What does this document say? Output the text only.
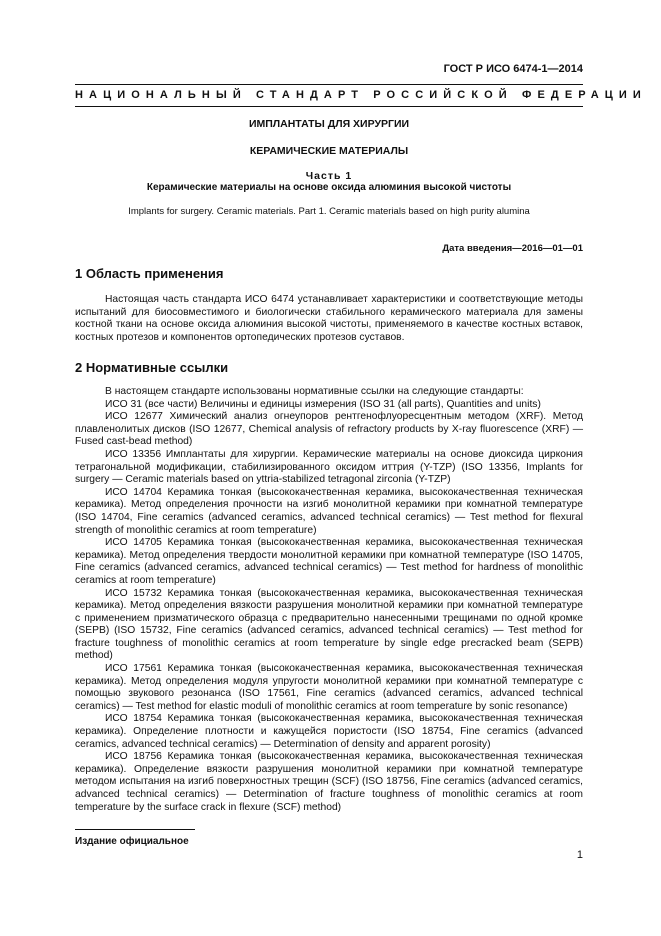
ГОСТ Р ИСО 6474-1—2014
НАЦИОНАЛЬНЫЙ СТАНДАРТ РОССИЙСКОЙ ФЕДЕРАЦИИ
ИМПЛАНТАТЫ ДЛЯ ХИРУРГИИ
КЕРАМИЧЕСКИЕ МАТЕРИАЛЫ
Часть 1
Керамические материалы на основе оксида алюминия высокой чистоты
Implants for surgery. Ceramic materials. Part 1. Ceramic materials based on high purity alumina
Дата введения—2016—01—01
1 Область применения

Настоящая часть стандарта ИСО 6474 устанавливает характеристики и соответствующие методы испытаний для биосовместимого и биологически стабильного керамического материала для замены костной ткани на основе оксида алюминия высокой чистоты, применяемого в качестве костных вставок, костных протезов и компонентов ортопедических протезов суставов.

2 Нормативные ссылки

В настоящем стандарте использованы нормативные ссылки на следующие стандарты:

ИСО 31 (все части) Величины и единицы измерения (ISO 31 (all parts), Quantities and units)

ИСО 12677 Химический анализ огнеупоров рентгенофлуоресцентным методом (XRF). Метод плавленолитых дисков (ISO 12677, Chemical analysis of refractory products by X-ray fluorescence (XRF) — Fused cast-bead method)

ИСО 13356 Имплантаты для хирургии. Керамические материалы на основе диоксида циркония тетрагональной модификации, стабилизированного оксидом иттрия (Y-TZP) (ISO 13356, Implants for surgery — Ceramic materials based on yttria-stabilized tetragonal zirconia (Y-TZP)

ИСО 14704 Керамика тонкая (высококачественная керамика, высококачественная техническая керамика). Метод определения прочности на изгиб монолитной керамики при комнатной температуре (ISO 14704, Fine ceramics (advanced ceramics, advanced technical ceramics) — Test method for flexural strength of monolithic ceramics at room temperature)

ИСО 14705 Керамика тонкая (высококачественная керамика, высококачественная техническая керамика). Метод определения твердости монолитной керамики при комнатной температуре (ISO 14705, Fine ceramics (advanced ceramics, advanced technical ceramics) — Test method for hardness of monolithic ceramics at room temperature)

ИСО 15732 Керамика тонкая (высококачественная керамика, высококачественная техническая керамика). Метод определения вязкости разрушения монолитной керамики при комнатной температуре с применением призматического образца с предварительно нанесенными трещинами по одной кромке (SEPB) (ISO 15732, Fine ceramics (advanced ceramics, advanced technical ceramics) — Test method for fracture toughness of monolithic ceramics at room temperature by single edge precracked beam (SEPB) method)

ИСО 17561 Керамика тонкая (высококачественная керамика, высококачественная техническая керамика). Метод определения модуля упругости монолитной керамики при комнатной температуре с помощью звукового резонанса (ISO 17561, Fine ceramics (advanced ceramics, advanced technical ceramics) — Test method for elastic moduli of monolithic ceramics at room temperature by sonic resonance)

ИСО 18754 Керамика тонкая (высококачественная керамика, высококачественная техническая керамика). Определение плотности и кажущейся пористости (ISO 18754, Fine ceramics (advanced ceramics, advanced technical ceramics) — Determination of density and apparent porosity)

ИСО 18756 Керамика тонкая (высококачественная керамика, высококачественная техническая керамика). Определение вязкости разрушения монолитной керамики при комнатной температуре методом испытания на изгиб поверхностных трещин (SCF) (ISO 18756, Fine ceramics (advanced ceramics, advanced technical ceramics) — Determination of fracture toughness of monolithic ceramics at room temperature by the surface crack in flexure (SCF) method)

Издание официальное
1
